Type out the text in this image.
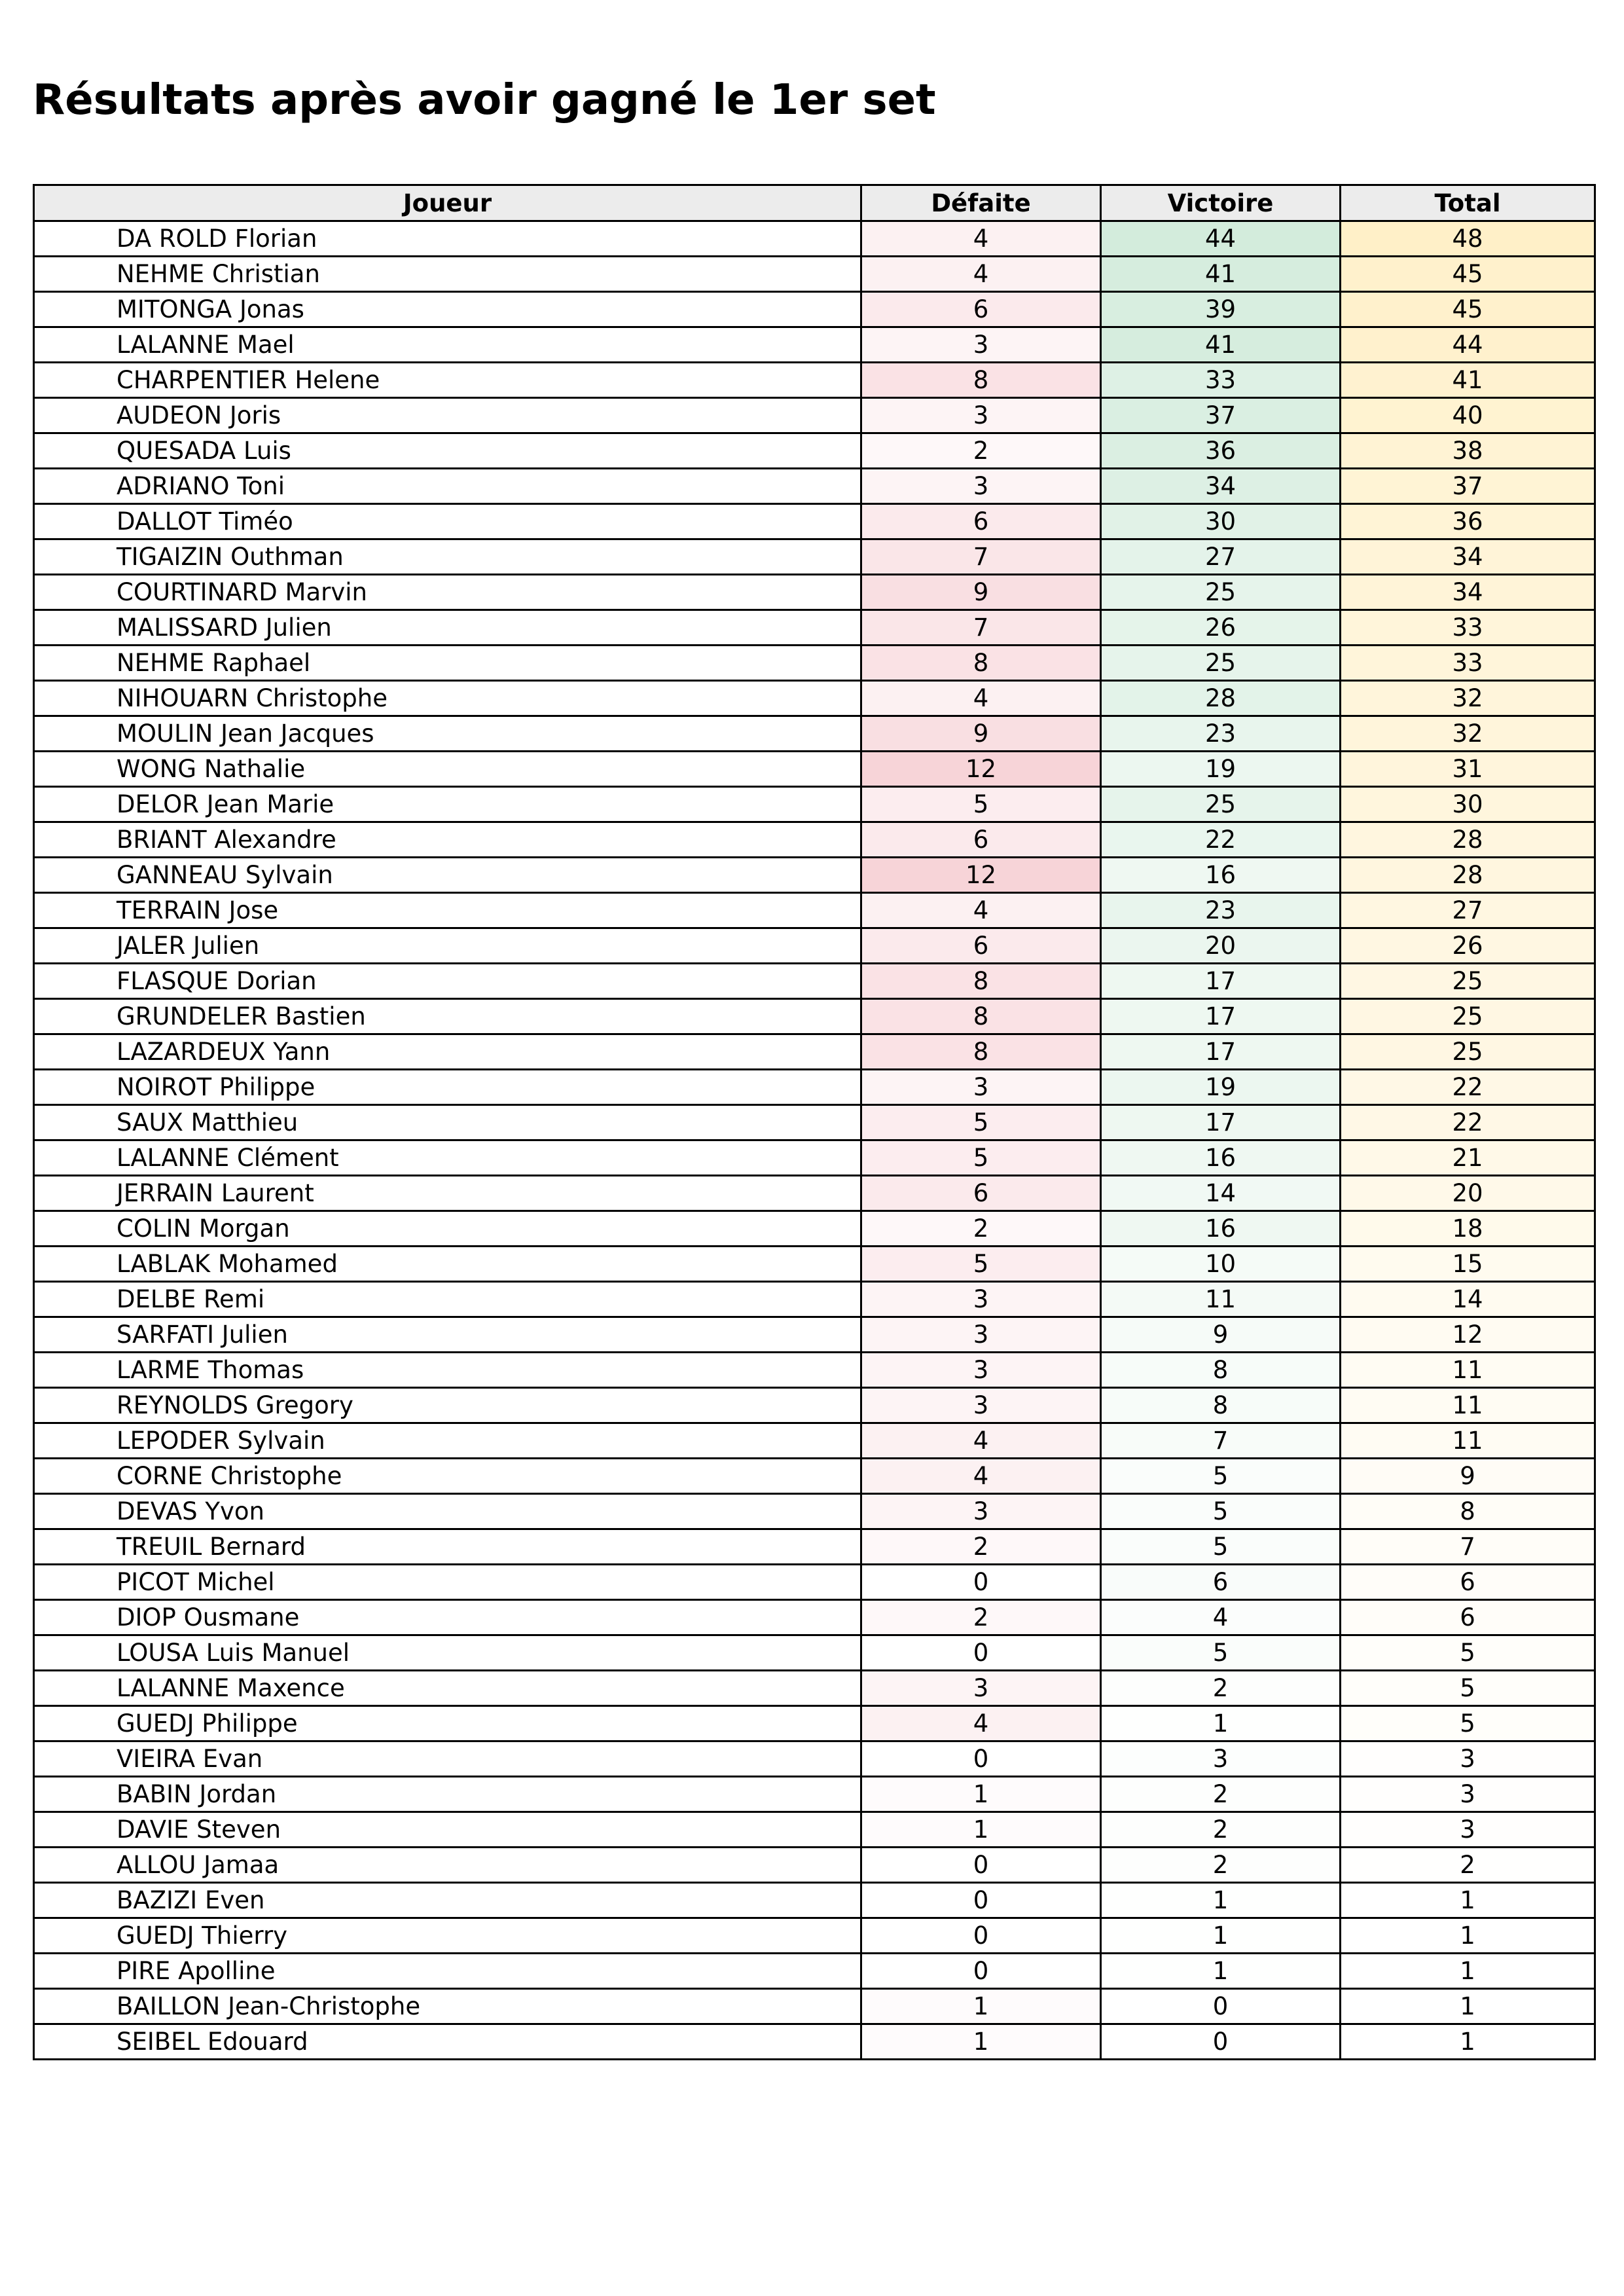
Résultats après avoir gagné le 1er set
Joueur	Défaite	Victoire	Total
DA ROLD Florian	4	44	48
NEHME Christian	4	41	45
MITONGA Jonas	6	39	45
LALANNE Mael	3	41	44
CHARPENTIER Helene	8	33	41
AUDEON Joris	3	37	40
QUESADA Luis	2	36	38
ADRIANO Toni	3	34	37
DALLOT Timéo	6	30	36
TIGAIZIN Outhman	7	27	34
COURTINARD Marvin	9	25	34
MALISSARD Julien	7	26	33
NEHME Raphael	8	25	33
NIHOUARN Christophe	4	28	32
MOULIN Jean Jacques	9	23	32
WONG Nathalie	12	19	31
DELOR Jean Marie	5	25	30
BRIANT Alexandre	6	22	28
GANNEAU Sylvain	12	16	28
TERRAIN Jose	4	23	27
JALER Julien	6	20	26
FLASQUE Dorian	8	17	25
GRUNDELER Bastien	8	17	25
LAZARDEUX Yann	8	17	25
NOIROT Philippe	3	19	22
SAUX Matthieu	5	17	22
LALANNE Clément	5	16	21
JERRAIN Laurent	6	14	20
COLIN Morgan	2	16	18
LABLAK Mohamed	5	10	15
DELBE Remi	3	11	14
SARFATI Julien	3	9	12
LARME Thomas	3	8	11
REYNOLDS Gregory	3	8	11
LEPODER Sylvain	4	7	11
CORNE Christophe	4	5	9
DEVAS Yvon	3	5	8
TREUIL Bernard	2	5	7
PICOT Michel	0	6	6
DIOP Ousmane	2	4	6
LOUSA Luis Manuel	0	5	5
LALANNE Maxence	3	2	5
GUEDJ Philippe	4	1	5
VIEIRA Evan	0	3	3
BABIN Jordan	1	2	3
DAVIE Steven	1	2	3
ALLOU Jamaa	0	2	2
BAZIZI Even	0	1	1
GUEDJ Thierry	0	1	1
PIRE Apolline	0	1	1
BAILLON Jean-Christophe	1	0	1
SEIBEL Edouard	1	0	1
